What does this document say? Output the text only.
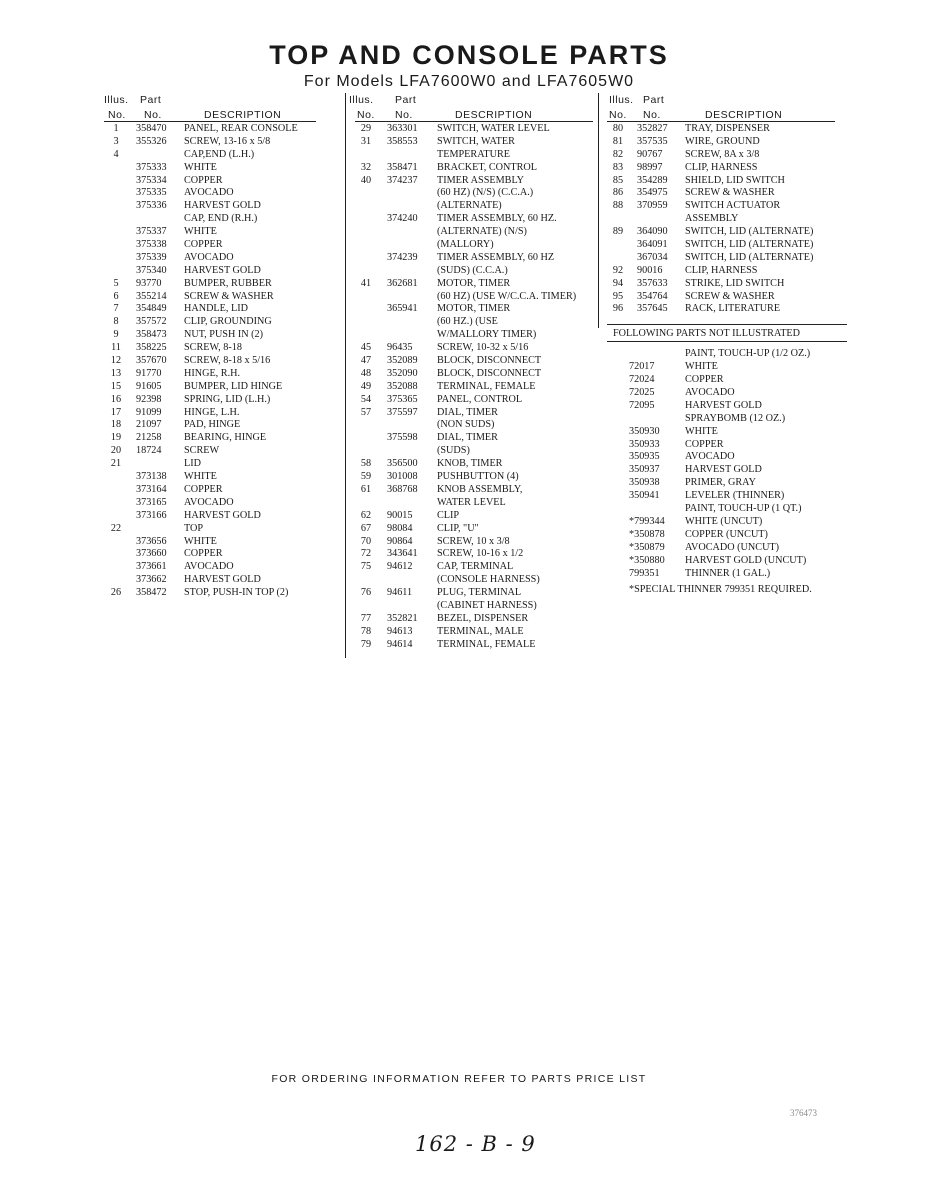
TOP AND CONSOLE PARTS
For Models LFA7600W0 and LFA7605W0
Illus.
No.
Part
No.	DESCRIPTION
1	358470 PANEL, REAR CONSOLE
3	355326 SCREW, 13-16 x 5/8
4	CAP,END (L.H.)
375333 WHITE
375334 COPPER
375335 AVOCADO
375336 HARVEST GOLD
CAP, END (R.H.)
375337 WHITE
375338 COPPER
375339 AVOCADO
375340 HARVEST GOLD
5	93770 BUMPER, RUBBER
6	355214 SCREW & WASHER
7	354849 HANDLE, LID
8	357572 CLIP, GROUNDING
9	358473 NUT, PUSH IN (2)
11	358225 SCREW, 8-18
12 357670 SCREW, 8-18 x 5/16
13 91770 HINGE, R.H.
15 91605 BUMPER, LID HINGE
16 92398 SPRING, LID (L.H.)
17 91099 HINGE, L.H.
18 21097 PAD, HINGE
19 21258 BEARING, HINGE
20 18724 SCREW
21	LID
373138 WHITE
373164 COPPER
373165 AVOCADO
373166 HARVEST GOLD
22	TOP
373656 WHITE
373660 COPPER
373661 AVOCADO
373662 HARVEST GOLD
26 358472 STOP, PUSH-IN TOP (2)
Illus.
No.
Part
No.	DESCRIPTION
29	363301 SWITCH, WATER LEVEL
31	358553 SWITCH, WATER
TEMPERATURE
32	358471 BRACKET, CONTROL
40	374237 TIMER ASSEMBLY
(60 HZ) (N/S) (C.C.A.)
(ALTERNATE)
374240 TIMER ASSEMBLY, 60 HZ.
(ALTERNATE) (N/S)
(MALLORY)
374239 TIMER ASSEMBLY, 60 HZ
(SUDS) (C.C.A.)
41	362681 MOTOR, TIMER
(60 HZ) (USE W/C.C.A. TIMER)
365941 MOTOR, TIMER
(60 HZ.) (USE
W/MALLORY TIMER)
45	96435 SCREW, 10-32 x 5/16
47	352089 BLOCK, DISCONNECT
48	352090 BLOCK, DISCONNECT
49	352088 TERMINAL, FEMALE
54	375365 PANEL, CONTROL
57	375597 DIAL, TIMER
(NON SUDS)
375598 DIAL, TIMER
(SUDS)
58	356500 KNOB, TIMER
59	301008 PUSHBUTTON (4)
61	368768 KNOB ASSEMBLY,
WATER LEVEL
62	90015 CLIP
67	98084 CLIP, "U"
70	90864 SCREW, 10 x 3/8
72	343641 SCREW, 10-16 x 1/2
75	94612 CAP, TERMINAL
(CONSOLE HARNESS)
76	94611 PLUG, TERMINAL
(CABINET HARNESS)
77	352821 BEZEL, DISPENSER
78	94613 TERMINAL, MALE
79	94614 TERMINAL, FEMALE
Illus.
No.
Part
No.	DESCRIPTION
80	352827 TRAY, DISPENSER
81	357535 WIRE, GROUND
82	90767 SCREW, 8A x 3/8
83	98997 CLIP, HARNESS
85	354289 SHIELD, LID SWITCH
86	354975 SCREW & WASHER
88	370959 SWITCH ACTUATOR
ASSEMBLY
89	364090 SWITCH, LID (ALTERNATE)
364091 SWITCH, LID (ALTERNATE)
367034 SWITCH, LID (ALTERNATE)
92	90016 CLIP, HARNESS
94	357633 STRIKE, LID SWITCH
95	354764 SCREW & WASHER
96	357645 RACK, LITERATURE
FOLLOWING PARTS NOT ILLUSTRATED
PAINT, TOUCH-UP (1/2 OZ.)
72017	WHITE
72024	COPPER
72025	AVOCADO
72095	HARVEST GOLD
SPRAYBOMB (12 OZ.)
350930 WHITE
350933 COPPER
350935 AVOCADO
350937 HARVEST GOLD
350938 PRIMER, GRAY
350941 LEVELER (THINNER)
PAINT, TOUCH-UP (1 QT.)
*799344 WHITE (UNCUT)
*350878 COPPER (UNCUT)
*350879 AVOCADO (UNCUT)
*350880 HARVEST GOLD (UNCUT)
799351 THINNER (1 GAL.)
*SPECIAL THINNER 799351 REQUIRED.
FOR ORDERING INFORMATION REFER TO PARTS PRICE LIST
162 - B - 9
376473
